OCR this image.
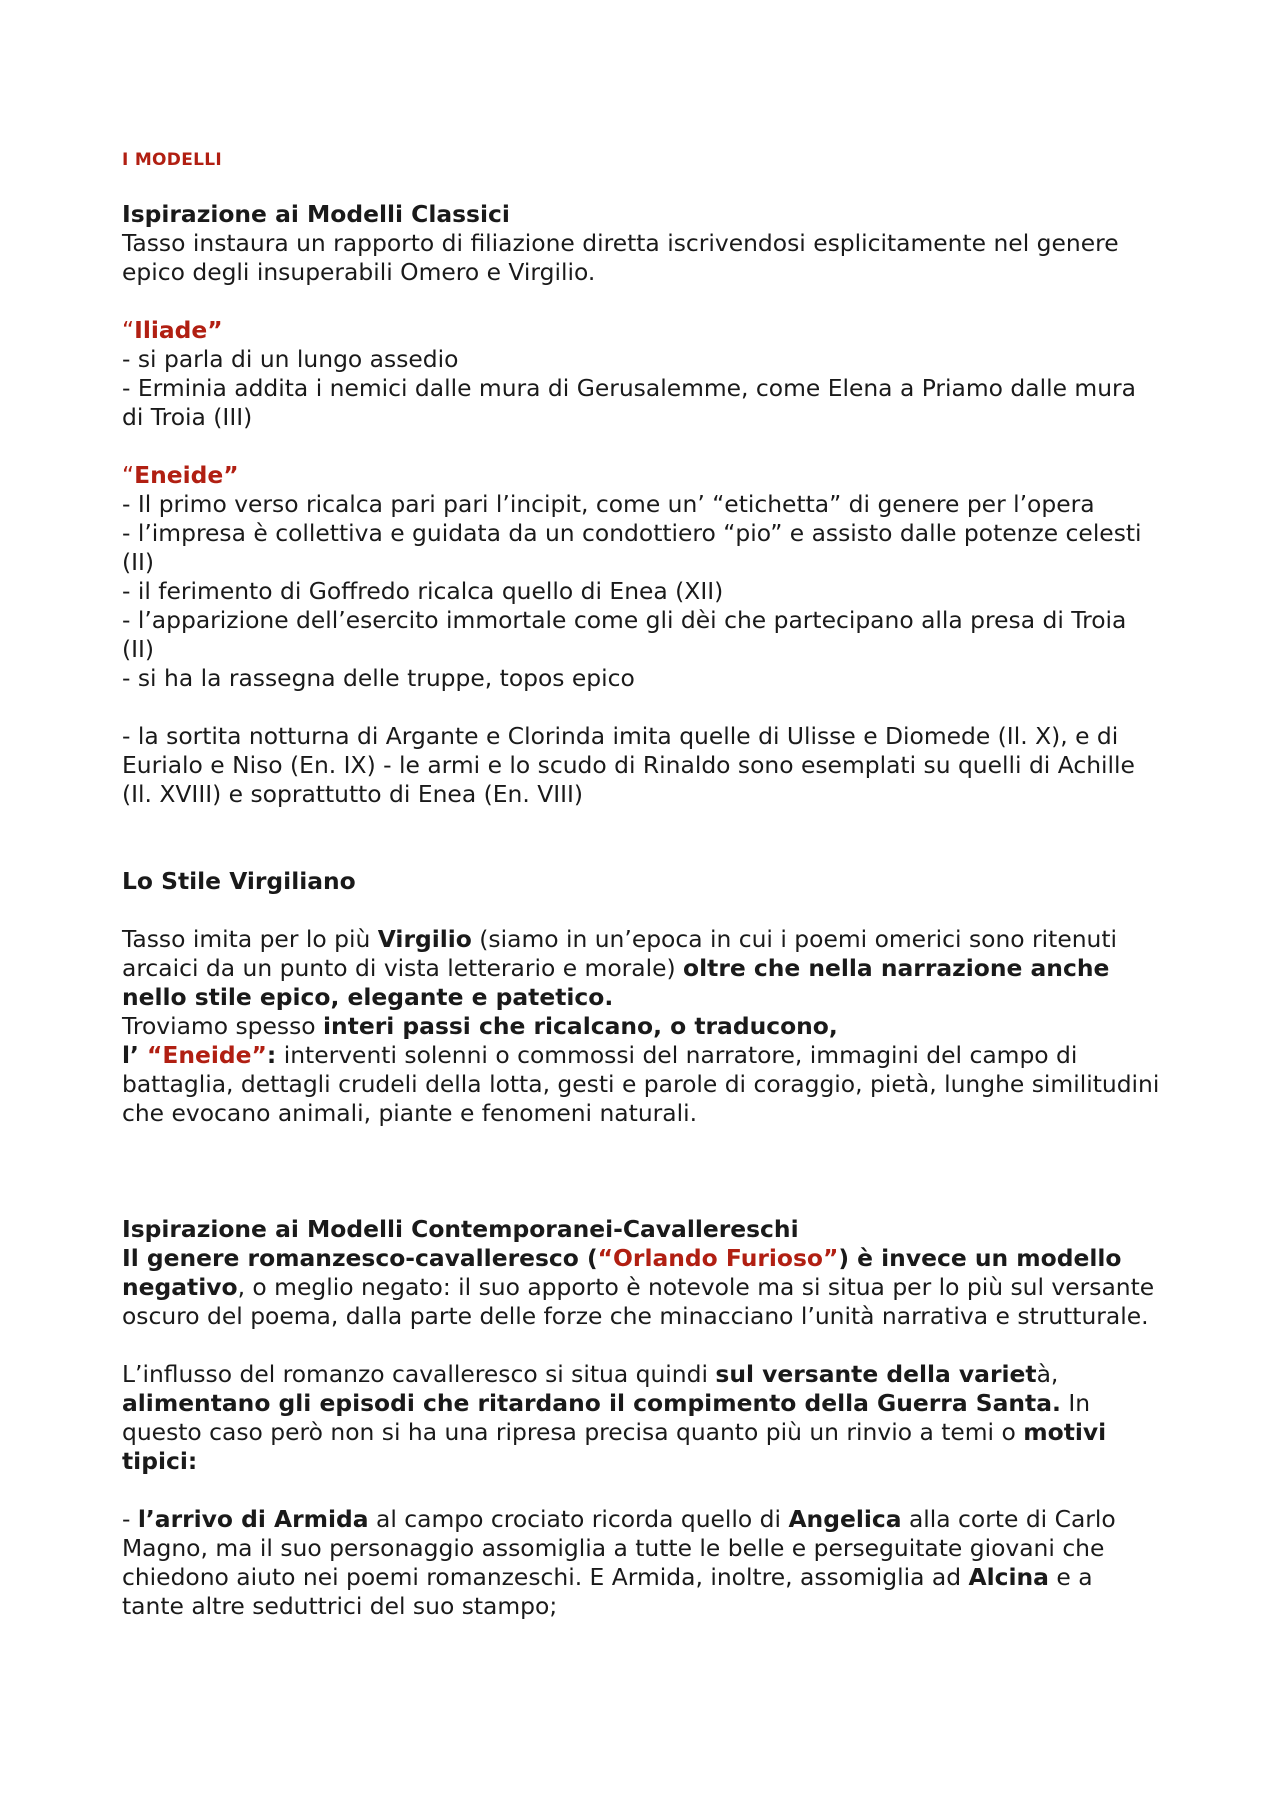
I MODELLI

Ispirazione ai Modelli Classici

Tasso instaura un rapporto di filiazione diretta iscrivendosi esplicitamente nel genere epico degli insuperabili Omero e Virgilio.

“Iliade”

- si parla di un lungo assedio

- Erminia addita i nemici dalle mura di Gerusalemme, come Elena a Priamo dalle mura di Troia (III)

“Eneide”

- Il primo verso ricalca pari pari l’incipit, come un’ “etichetta” di genere per l’opera

- l’impresa è collettiva e guidata da un condottiero “pio” e assisto dalle potenze celesti (II)

- il ferimento di Goffredo ricalca quello di Enea (XII)

- l’apparizione dell’esercito immortale come gli dèi che partecipano alla presa di Troia (II)

- si ha la rassegna delle truppe, topos epico

- la sortita notturna di Argante e Clorinda imita quelle di Ulisse e Diomede (Il. X), e di Eurialo e Niso (En. IX) - le armi e lo scudo di Rinaldo sono esemplati su quelli di Achille (Il. XVIII) e soprattutto di Enea (En. VIII)

Lo Stile Virgiliano

Tasso imita per lo più Virgilio (siamo in un’epoca in cui i poemi omerici sono ritenuti arcaici da un punto di vista letterario e morale) oltre che nella narrazione anche nello stile epico, elegante e patetico.

Troviamo spesso interi passi che ricalcano, o traducono,
l’ “Eneide”: interventi solenni o commossi del narratore, immagini del campo di battaglia, dettagli crudeli della lotta, gesti e parole di coraggio, pietà, lunghe similitudini che evocano animali, piante e fenomeni naturali.

Ispirazione ai Modelli Contemporanei-Cavallereschi

Il genere romanzesco-cavalleresco (“Orlando Furioso”) è invece un modello negativo, o meglio negato: il suo apporto è notevole ma si situa per lo più sul versante oscuro del poema, dalla parte delle forze che minacciano l’unità narrativa e strutturale.

L’influsso del romanzo cavalleresco si situa quindi sul versante della varietà, alimentano gli episodi che ritardano il compimento della Guerra Santa. In questo caso però non si ha una ripresa precisa quanto più un rinvio a temi o motivi tipici:

- l’arrivo di Armida al campo crociato ricorda quello di Angelica alla corte di Carlo Magno, ma il suo personaggio assomiglia a tutte le belle e perseguitate giovani che chiedono aiuto nei poemi romanzeschi. E Armida, inoltre, assomiglia ad Alcina e a tante altre seduttrici del suo stampo;
